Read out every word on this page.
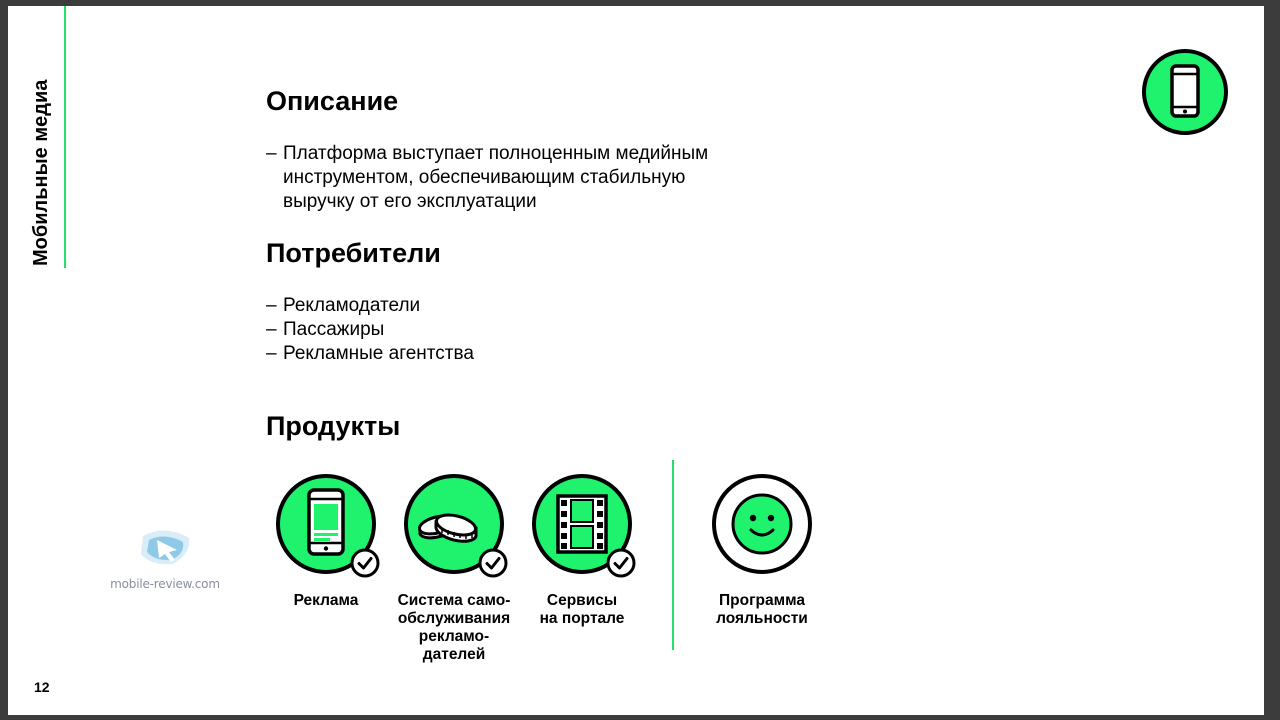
Мобильные медиа	Описание
– Платформа выступает полноценным медийным
инструментом, обеспечивающим стабильную
выручку от его эксплуатации
Потребители
– Рекламодатели
– Пассажиры
– Рекламные агентства
Продукты
Реклама	Система само-
обслуживания
рекламо-
дателей
Сервисы
на портале
Программа
лояльности
mobile-review.com
12
